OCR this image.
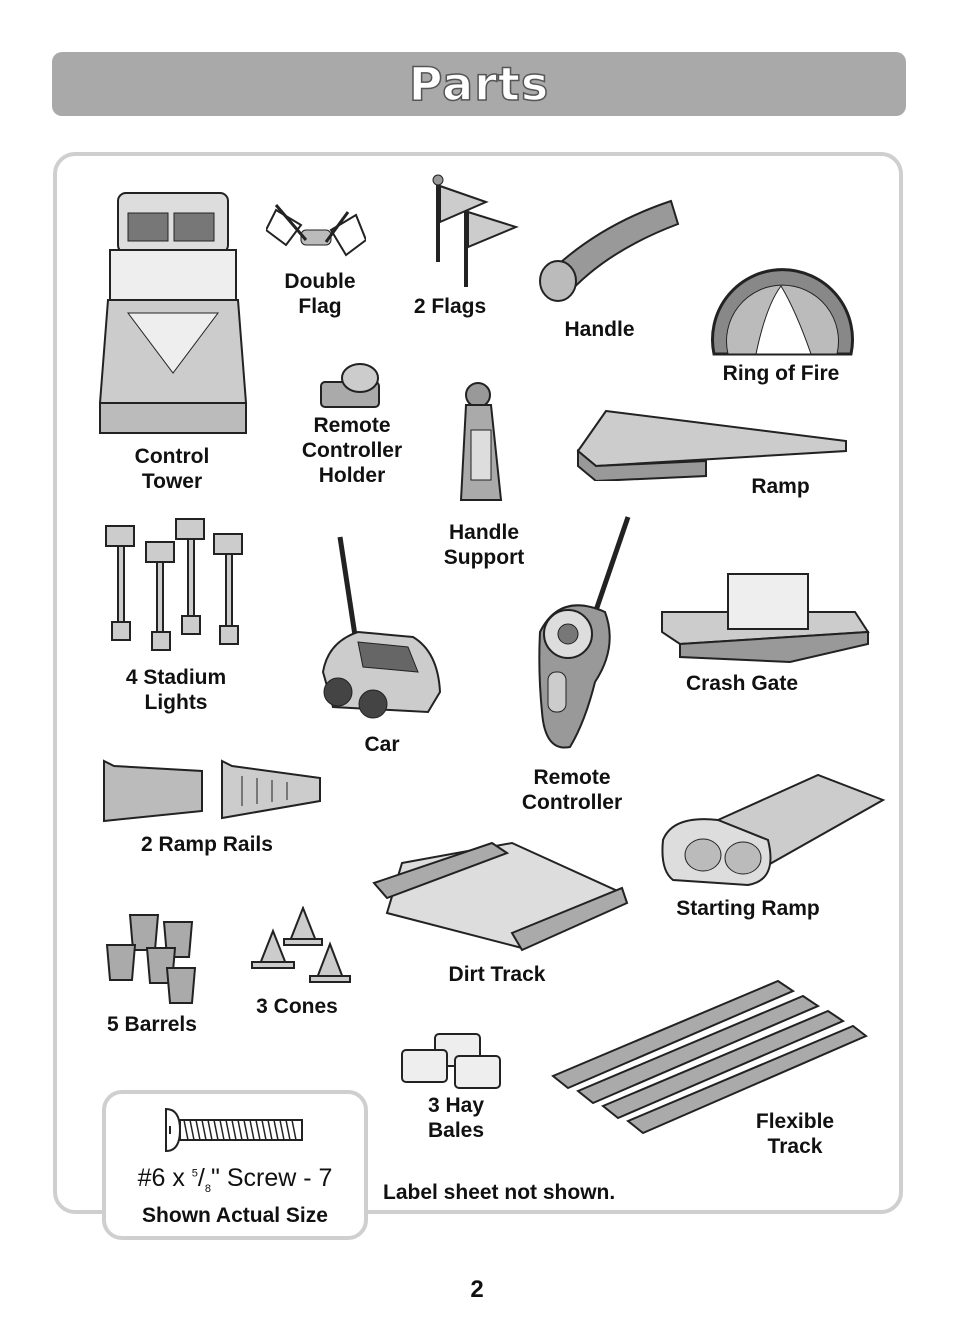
Parts
Control
Tower
Double
Flag	2 Flags
Handle
Ring of Fire
Remote
Controller
Holder
Handle
Support
Ramp
4 Stadium
Lights
Car
Remote
Controller
Crash Gate
2 Ramp Rails
Starting Ramp
Dirt Track
5 Barrels
3 Cones
3 Hay
Bales	Flexible
Track
#6 x $^5/_8$" Screw - 7
Shown Actual Size
Label sheet not shown.
2
